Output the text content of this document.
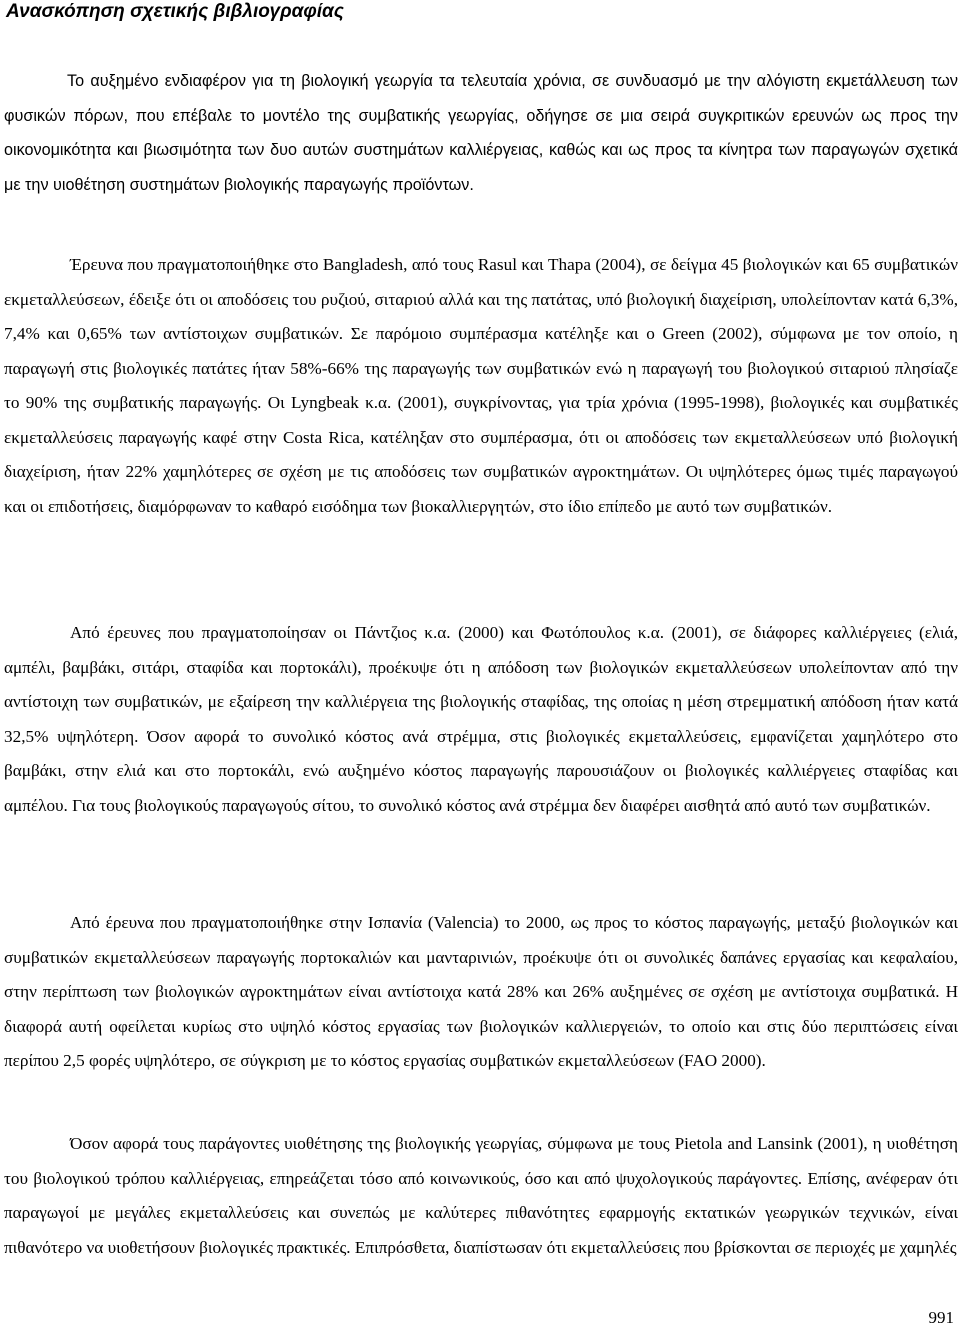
Ανασκόπηση σχετικής βιβλιογραφίας

Το αυξημένο ενδιαφέρον για τη βιολογική γεωργία τα τελευταία χρόνια, σε συνδυασμό με την αλόγιστη εκμετάλλευση των φυσικών πόρων, που επέβαλε το μοντέλο της συμβατικής γεωργίας, οδήγησε σε μια σειρά συγκριτικών ερευνών ως προς την οικονομικότητα και βιωσιμότητα των δυο αυτών συστημάτων καλλιέργειας, καθώς και ως προς τα κίνητρα των παραγωγών σχετικά με την υιοθέτηση συστημάτων βιολογικής παραγωγής προϊόντων.

Έρευνα που πραγματοποιήθηκε στο Bangladesh, από τους Rasul και Thapa (2004), σε δείγμα 45 βιολογικών και 65 συμβατικών εκμεταλλεύσεων, έδειξε ότι οι αποδόσεις του ρυζιού, σιταριού αλλά και της πατάτας, υπό βιολογική διαχείριση, υπολείπονταν κατά 6,3%, 7,4% και 0,65% των αντίστοιχων συμβατικών. Σε παρόμοιο συμπέρασμα κατέληξε και ο Green (2002), σύμφωνα με τον οποίο, η παραγωγή στις βιολογικές πατάτες ήταν 58%-66% της παραγωγής των συμβατικών ενώ η παραγωγή του βιολογικού σιταριού πλησίαζε το 90% της συμβατικής παραγωγής. Οι Lyngbeak κ.α. (2001), συγκρίνοντας, για τρία χρόνια (1995-1998), βιολογικές και συμβατικές εκμεταλλεύσεις παραγωγής καφέ στην Costa Rica, κατέληξαν στο συμπέρασμα, ότι οι αποδόσεις των εκμεταλλεύσεων υπό βιολογική διαχείριση, ήταν 22% χαμηλότερες σε σχέση με τις αποδόσεις των συμβατικών αγροκτημάτων. Οι υψηλότερες όμως τιμές παραγωγού και οι επιδοτήσεις, διαμόρφωναν το καθαρό εισόδημα των βιοκαλλιεργητών, στο ίδιο επίπεδο με αυτό των συμβατικών.

Από έρευνες που πραγματοποίησαν οι Πάντζιος κ.α. (2000) και Φωτόπουλος κ.α. (2001), σε διάφορες καλλιέργειες (ελιά, αμπέλι, βαμβάκι, σιτάρι, σταφίδα και πορτοκάλι), προέκυψε ότι η απόδοση των βιολογικών εκμεταλλεύσεων υπολείπονταν από την αντίστοιχη των συμβατικών, με εξαίρεση την καλλιέργεια της βιολογικής σταφίδας, της οποίας η μέση στρεμματική απόδοση ήταν κατά 32,5% υψηλότερη. Όσον αφορά το συνολικό κόστος ανά στρέμμα, στις βιολογικές εκμεταλλεύσεις, εμφανίζεται χαμηλότερο στο βαμβάκι, στην ελιά και στο πορτοκάλι, ενώ αυξημένο κόστος παραγωγής παρουσιάζουν οι βιολογικές καλλιέργειες σταφίδας και αμπέλου. Για τους βιολογικούς παραγωγούς σίτου, το συνολικό κόστος ανά στρέμμα δεν διαφέρει αισθητά από αυτό των συμβατικών.

Από έρευνα που πραγματοποιήθηκε στην Ισπανία (Valencia) το 2000, ως προς το κόστος παραγωγής, μεταξύ βιολογικών και συμβατικών εκμεταλλεύσεων παραγωγής πορτοκαλιών και μανταρινιών, προέκυψε ότι οι συνολικές δαπάνες εργασίας και κεφαλαίου, στην περίπτωση των βιολογικών αγροκτημάτων είναι αντίστοιχα κατά 28% και 26% αυξημένες σε σχέση με αντίστοιχα συμβατικά. Η διαφορά αυτή οφείλεται κυρίως στο υψηλό κόστος εργασίας των βιολογικών καλλιεργειών, το οποίο και στις δύο περιπτώσεις είναι περίπου 2,5 φορές υψηλότερο, σε σύγκριση με το κόστος εργασίας συμβατικών εκμεταλλεύσεων (FAO 2000).

Όσον αφορά τους παράγοντες υιοθέτησης της βιολογικής γεωργίας, σύμφωνα με τους Pietola and Lansink (2001), η υιοθέτηση του βιολογικού τρόπου καλλιέργειας, επηρεάζεται τόσο από κοινωνικούς, όσο και από ψυχολογικούς παράγοντες. Επίσης, ανέφεραν ότι παραγωγοί με μεγάλες εκμεταλλεύσεις και συνεπώς με καλύτερες πιθανότητες εφαρμογής εκτατικών γεωργικών τεχνικών, είναι πιθανότερο να υιοθετήσουν βιολογικές πρακτικές. Επιπρόσθετα, διαπίστωσαν ότι εκμεταλλεύσεις που βρίσκονται σε περιοχές με χαμηλές

991
